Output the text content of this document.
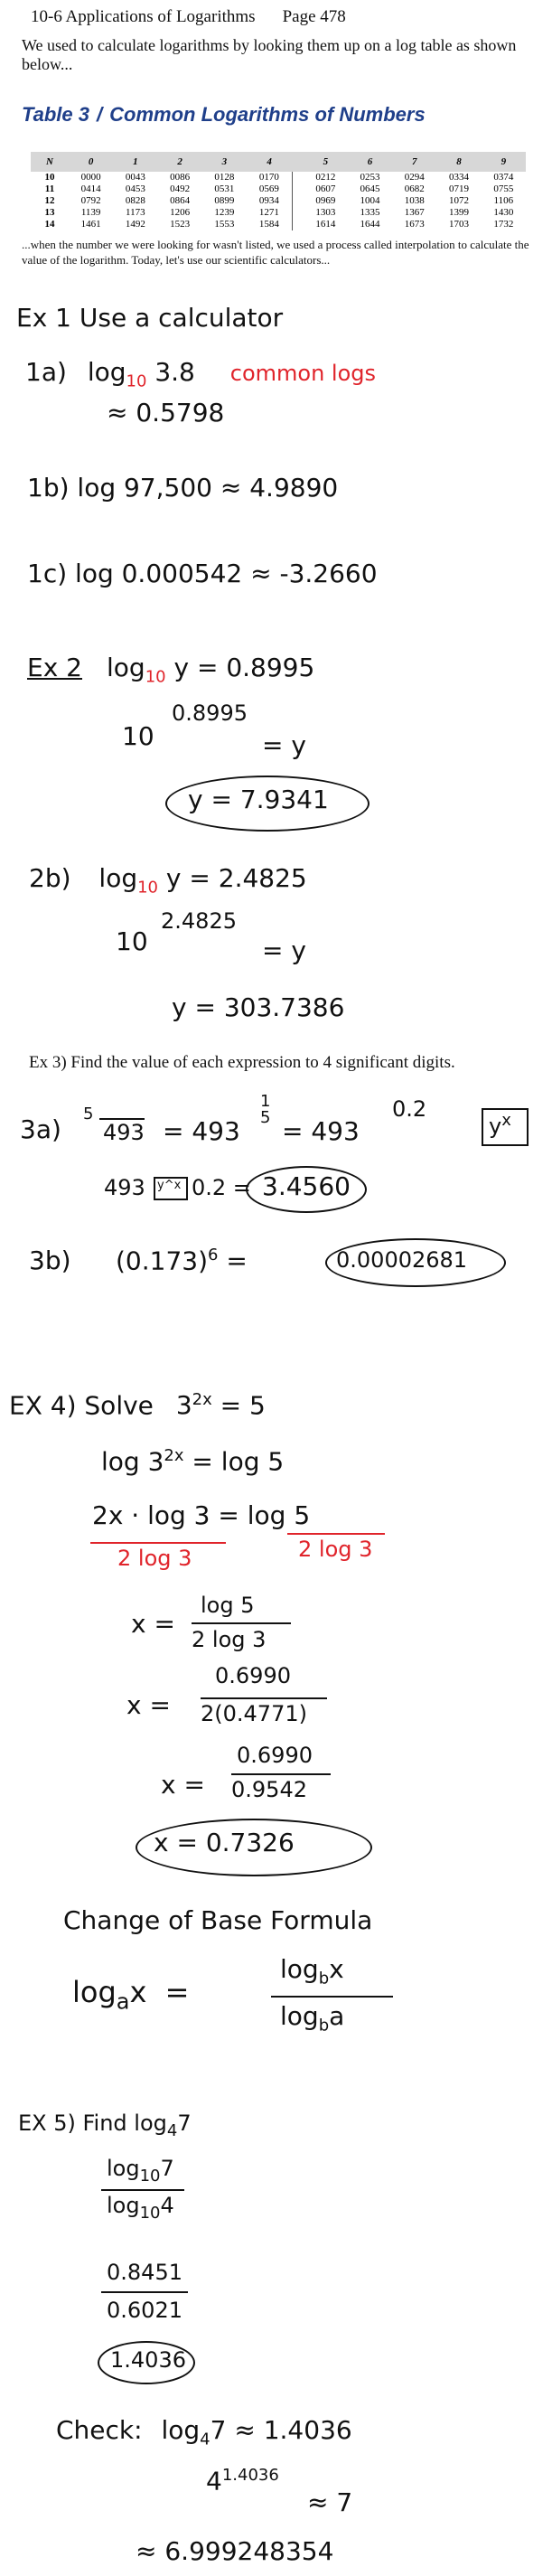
10-6 Applications of Logarithms Page 478
We used to calculate logarithms by looking them up on a log table as shown below...
Table 3 / Common Logarithms of Numbers
N	0	1	2	3	4		5	6	7	8	9
10	0000	0043	0086	0128	0170		0212	0253	0294	0334	0374
11	0414	0453	0492	0531	0569		0607	0645	0682	0719	0755
12	0792	0828	0864	0899	0934		0969	1004	1038	1072	1106
13	1139	1173	1206	1239	1271		1303	1335	1367	1399	1430
14	1461	1492	1523	1553	1584		1614	1644	1673	1703	1732
...when the number we were looking for wasn't listed, we used a process called interpolation to calculate the value of the logarithm. Today, let's use our scientific calculators...
Ex 1 Use a calculator
1a) $\log_{10} 3.8$ common logs
≈ 0.5798
1b) log 97,500 ≈ 4.9890
1c) log 0.000542 ≈ -3.2660
Ex 2 $\log_{10} y = 0.8995$
0.8995
10	= y
y = 7.9341
2b) $\log_{10} y = 2.4825$
2.4825
10	= y
y = 303.7386
Ex 3) Find the value of each expression to 4 significant digits.
3a)
5
493 = 493
1
5 = 493
0.2
$y^x$
493 y^x 0.2 = 3.4560
3b) $(0.173)^6$ =	0.00002681
EX 4) Solve $3^{2x} = 5$
$\log 3^{2x} = \log 5$
2x · log 3 = log 5
2 log 3	2 log 3
x =
log 5
2 log 3
x =
0.6990
2(0.4771)
x =
0.6990
0.9542
x = 0.7326
Change of Base Formula
$\log_ax$ =
$\log_bx$
$\log_ba$
EX 5) Find $\log_47$
$\log_{10}7$
$\log_{10}4$
0.8451
0.6021
1.4036
Check: $\log_47 \approx 1.4036$
$4^{1.4036}$
≈ 7
≈ 6.999248354
